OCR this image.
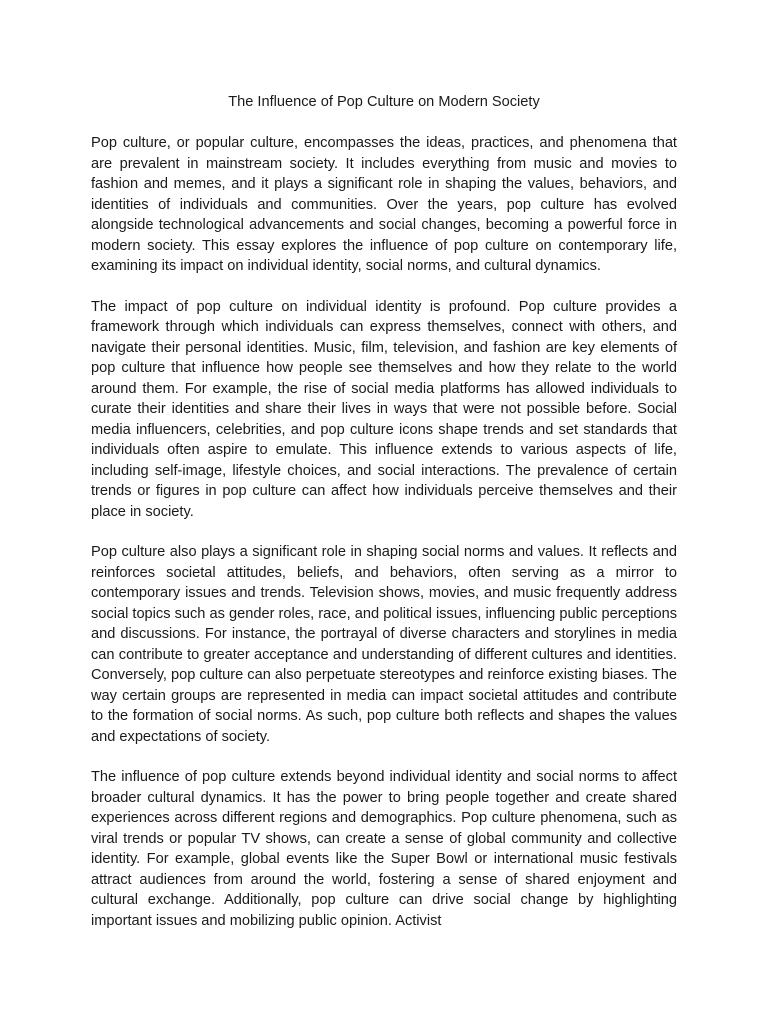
The Influence of Pop Culture on Modern Society

Pop culture, or popular culture, encompasses the ideas, practices, and phenomena that are prevalent in mainstream society. It includes everything from music and movies to fashion and memes, and it plays a significant role in shaping the values, behaviors, and identities of individuals and communities. Over the years, pop culture has evolved alongside technological advancements and social changes, becoming a powerful force in modern society. This essay explores the influence of pop culture on contemporary life, examining its impact on individual identity, social norms, and cultural dynamics.

The impact of pop culture on individual identity is profound. Pop culture provides a framework through which individuals can express themselves, connect with others, and navigate their personal identities. Music, film, television, and fashion are key elements of pop culture that influence how people see themselves and how they relate to the world around them. For example, the rise of social media platforms has allowed individuals to curate their identities and share their lives in ways that were not possible before. Social media influencers, celebrities, and pop culture icons shape trends and set standards that individuals often aspire to emulate. This influence extends to various aspects of life, including self-image, lifestyle choices, and social interactions. The prevalence of certain trends or figures in pop culture can affect how individuals perceive themselves and their place in society.

Pop culture also plays a significant role in shaping social norms and values. It reflects and reinforces societal attitudes, beliefs, and behaviors, often serving as a mirror to contemporary issues and trends. Television shows, movies, and music frequently address social topics such as gender roles, race, and political issues, influencing public perceptions and discussions. For instance, the portrayal of diverse characters and storylines in media can contribute to greater acceptance and understanding of different cultures and identities. Conversely, pop culture can also perpetuate stereotypes and reinforce existing biases. The way certain groups are represented in media can impact societal attitudes and contribute to the formation of social norms. As such, pop culture both reflects and shapes the values and expectations of society.

The influence of pop culture extends beyond individual identity and social norms to affect broader cultural dynamics. It has the power to bring people together and create shared experiences across different regions and demographics. Pop culture phenomena, such as viral trends or popular TV shows, can create a sense of global community and collective identity. For example, global events like the Super Bowl or international music festivals attract audiences from around the world, fostering a sense of shared enjoyment and cultural exchange. Additionally, pop culture can drive social change by highlighting important issues and mobilizing public opinion. Activist
